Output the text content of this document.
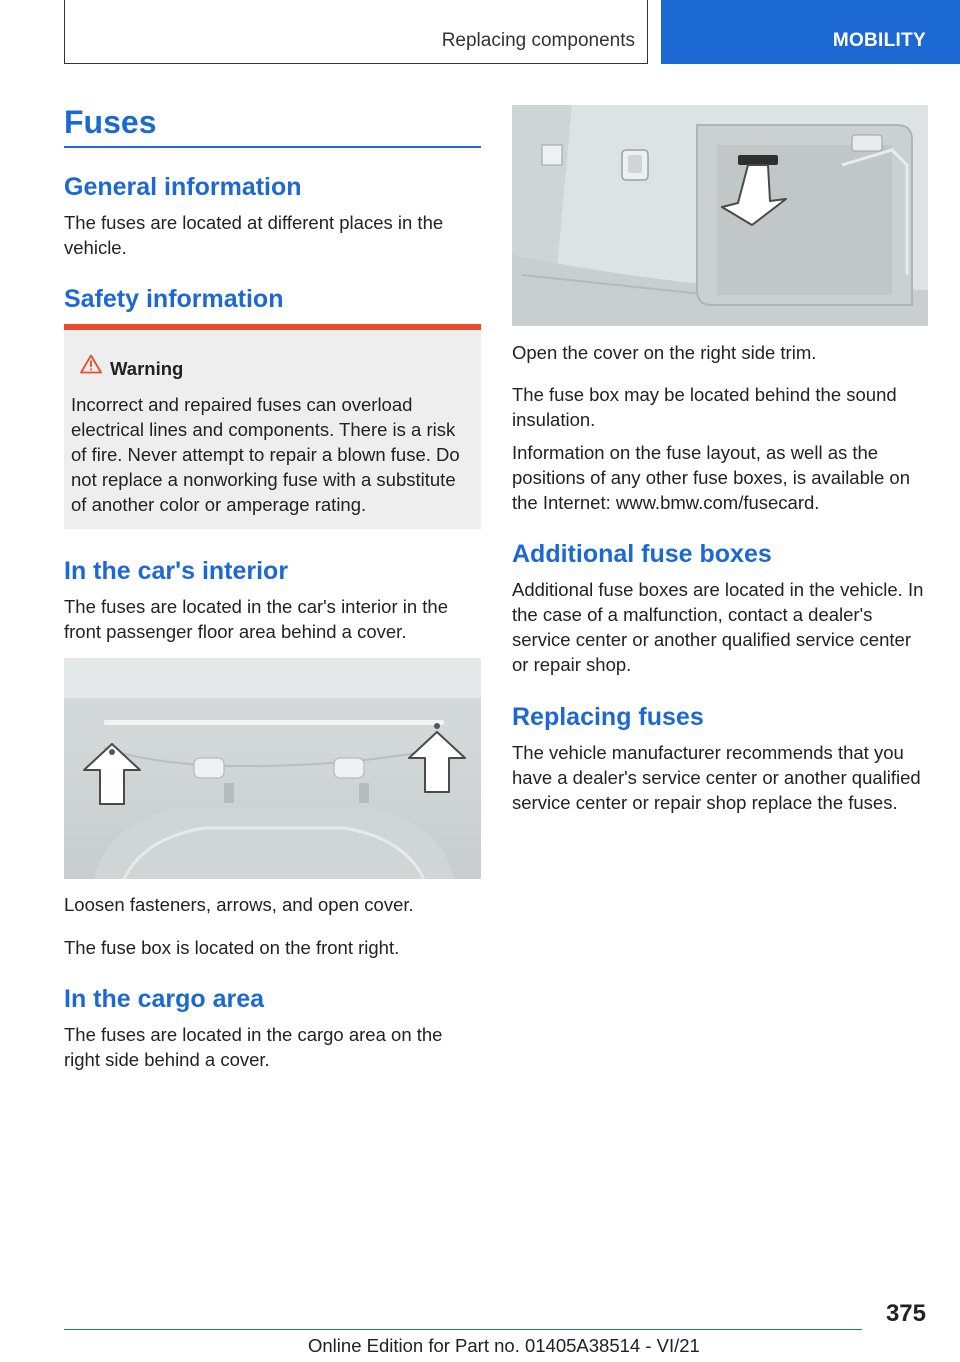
Replacing components	MOBILITY
Fuses
General information
The fuses are located at different places in the vehicle.
Safety information
Warning
Incorrect and repaired fuses can overload electrical lines and components. There is a risk of fire. Never attempt to repair a blown fuse. Do not replace a nonworking fuse with a substitute of another color or amperage rating.
In the car's interior
The fuses are located in the car's interior in the front passenger floor area behind a cover.
Loosen fasteners, arrows, and open cover.
The fuse box is located on the front right.
In the cargo area
The fuses are located in the cargo area on the right side behind a cover.
Open the cover on the right side trim.
The fuse box may be located behind the sound insulation.
Information on the fuse layout, as well as the positions of any other fuse boxes, is available on the Internet: www.bmw.com/fusecard.
Additional fuse boxes
Additional fuse boxes are located in the vehicle. In the case of a malfunction, contact a dealer's service center or another qualified service center or repair shop.
Replacing fuses
The vehicle manufacturer recommends that you have a dealer's service center or another qualified service center or repair shop replace the fuses.
375
Online Edition for Part no. 01405A38514 - VI/21
